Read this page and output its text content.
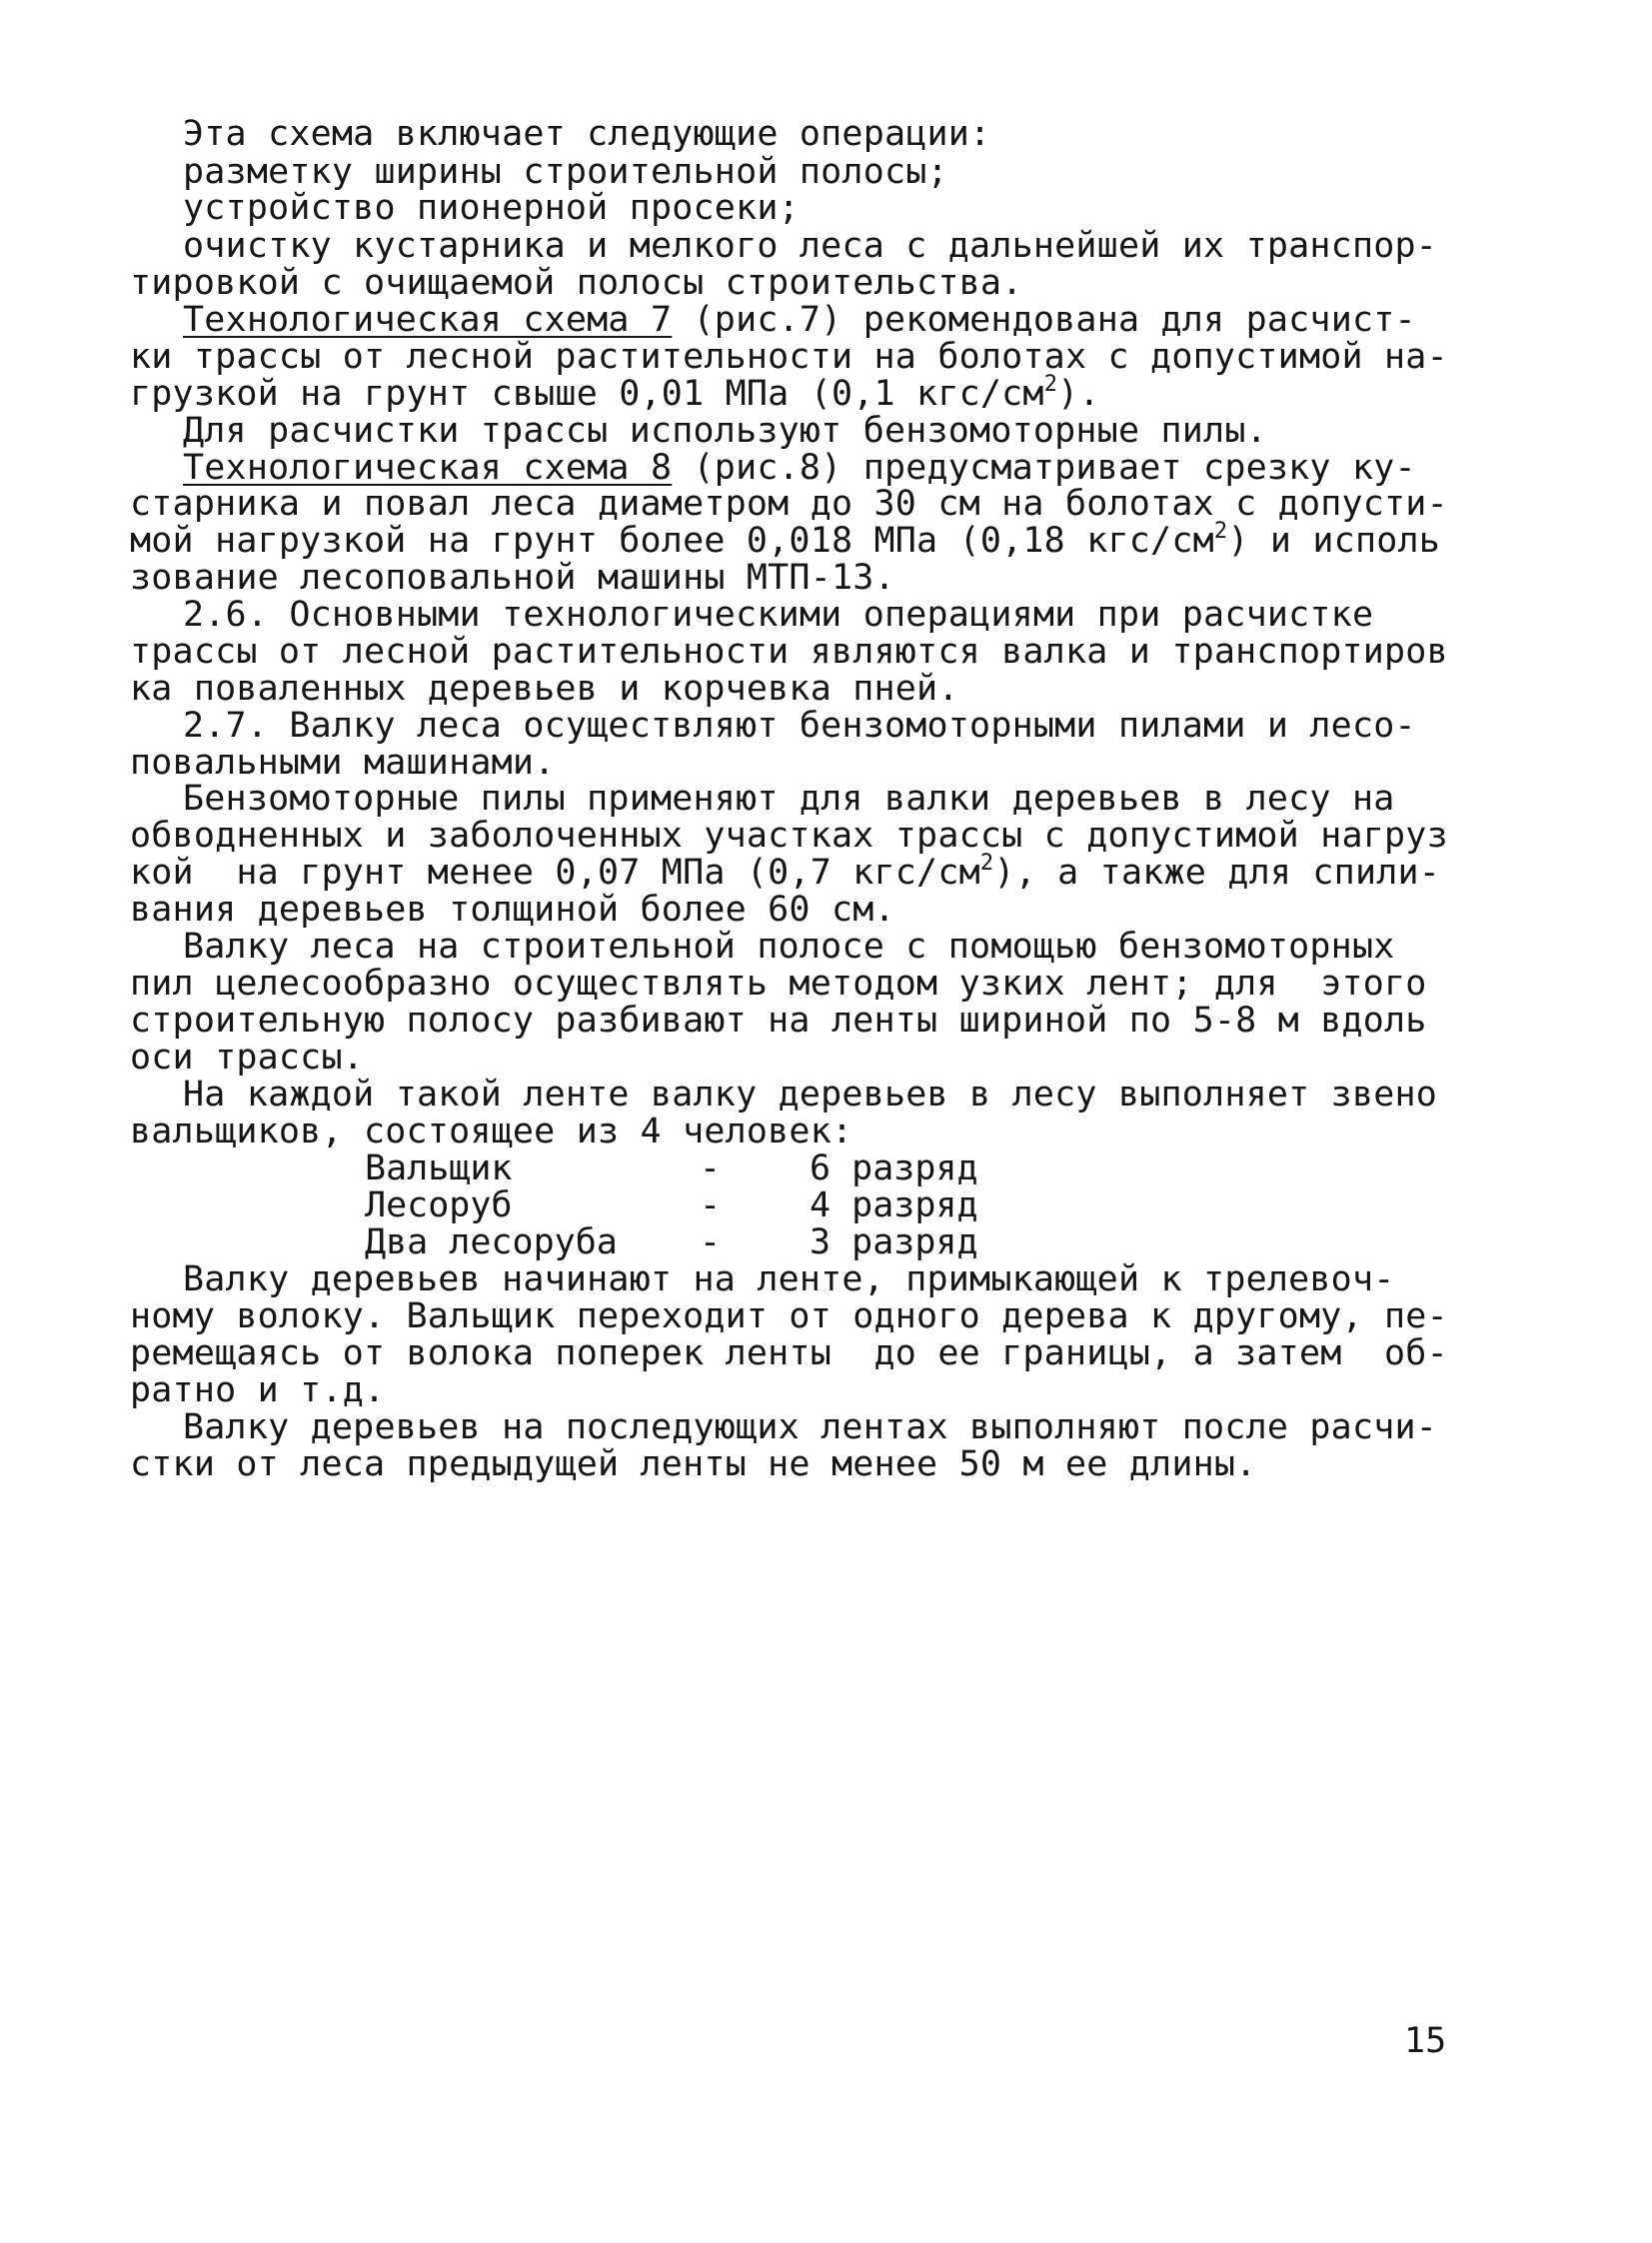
Эта схема включает следующие операции:
разметку ширины строительной полосы;
устройство пионерной просеки;
очистку кустарника и мелкого леса с дальнейшей их транспор-
тировкой с очищаемой полосы строительства.
Технологическая схема 7 (рис.7) рекомендована для расчист-
ки трассы от лесной растительности на болотах с допустимой на-
грузкой на грунт свыше 0,01 МПа (0,1 кгс/$см^2$).
Для расчистки трассы используют бензомоторные пилы.
Технологическая схема 8 (рис.8) предусматривает срезку ку-
старника и повал леса диаметром до 30 см на болотах с допусти-
мой нагрузкой на грунт более 0,018 МПа (0,18 кгс/$см^2$) и исполь
зование лесоповальной машины МТП-13.
2.6. Основными технологическими операциями при расчистке
трассы от лесной растительности являются валка и транспортиров
ка поваленных деревьев и корчевка пней.
2.7. Валку леса осуществляют бензомоторными пилами и лесо-
повальными машинами.
Бензомоторные пилы применяют для валки деревьев в лесу на
обводненных и заболоченных участках трассы с допустимой нагруз
кой  на грунт менее 0,07 МПа (0,7 кгс/$см^2$), а также для спили-
вания деревьев толщиной более 60 см.
Валку леса на строительной полосе с помощью бензомоторных
пил целесообразно осуществлять методом узких лент; для  этого
строительную полосу разбивают на ленты шириной по 5-8 м вдоль
оси трассы.
На каждой такой ленте валку деревьев в лесу выполняет звено
вальщиков, состоящее из 4 человек:
Вальщик	-	6 разряд
Лесоруб	-	4 разряд
Два лесоруба -	3 разряд
Валку деревьев начинают на ленте, примыкающей к трелевоч-
ному волоку. Вальщик переходит от одного дерева к другому, пе-
ремещаясь от волока поперек ленты  до ее границы, а затем  об-
ратно и т.д.
Валку деревьев на последующих лентах выполняют после расчи-
стки от леса предыдущей ленты не менее 50 м ее длины.
15
